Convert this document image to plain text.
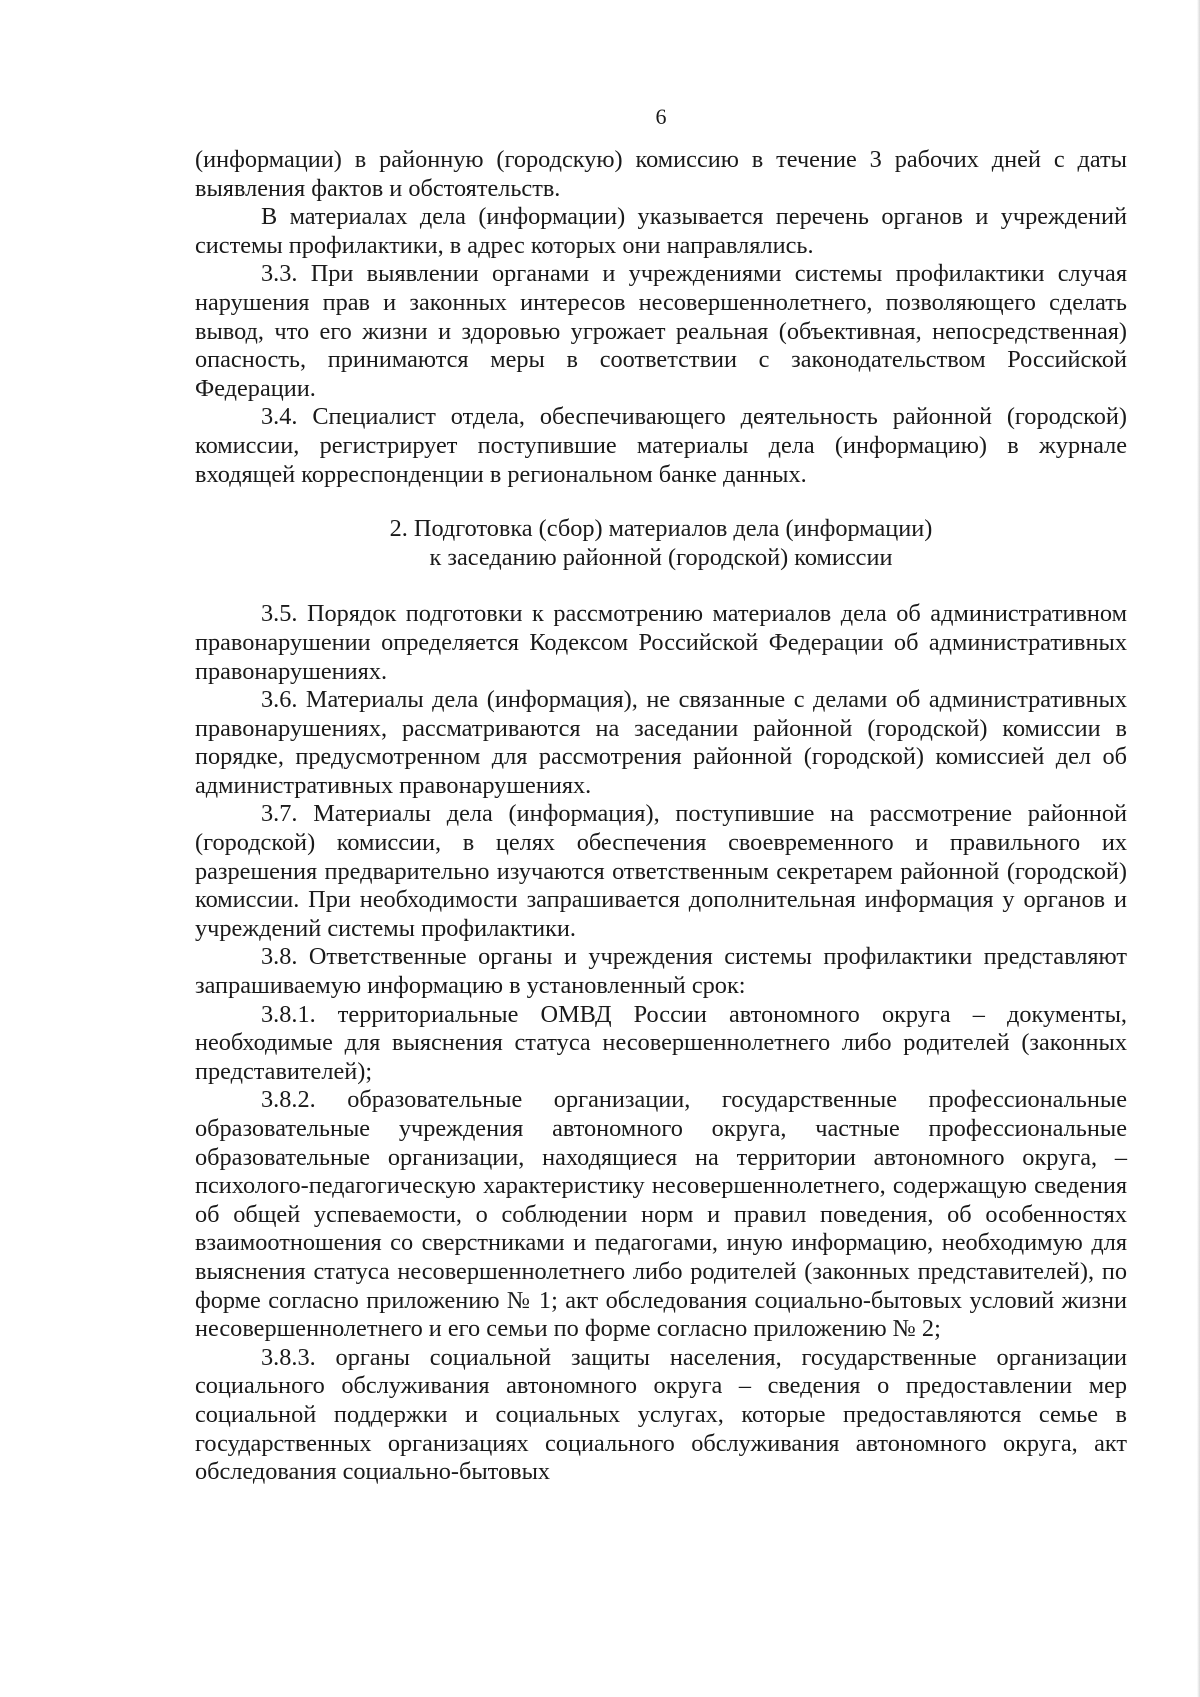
6

(информации) в районную (городскую) комиссию в течение 3 рабочих дней с даты выявления фактов и обстоятельств.

В материалах дела (информации) указывается перечень органов и учреждений системы профилактики, в адрес которых они направлялись.

3.3. При выявлении органами и учреждениями системы профилактики случая нарушения прав и законных интересов несовершеннолетнего, позволяющего сделать вывод, что его жизни и здоровью угрожает реальная (объективная, непосредственная) опасность, принимаются меры в соответствии с законодательством Российской Федерации.

3.4. Специалист отдела, обеспечивающего деятельность районной (городской) комиссии, регистрирует поступившие материалы дела (информацию) в журнале входящей корреспонденции в региональном банке данных.

2. Подготовка (сбор) материалов дела (информации)
к заседанию районной (городской) комиссии

3.5. Порядок подготовки к рассмотрению материалов дела об административном правонарушении определяется Кодексом Российской Федерации об административных правонарушениях.

3.6. Материалы дела (информация), не связанные с делами об административных правонарушениях, рассматриваются на заседании районной (городской) комиссии в порядке, предусмотренном для рассмотрения районной (городской) комиссией дел об административных правонарушениях.

3.7. Материалы дела (информация), поступившие на рассмотрение районной (городской) комиссии, в целях обеспечения своевременного и правильного их разрешения предварительно изучаются ответственным секретарем районной (городской) комиссии. При необходимости запрашивается дополнительная информация у органов и учреждений системы профилактики.

3.8. Ответственные органы и учреждения системы профилактики представляют запрашиваемую информацию в установленный срок:

3.8.1. территориальные ОМВД России автономного округа – документы, необходимые для выяснения статуса несовершеннолетнего либо родителей (законных представителей);

3.8.2. образовательные организации, государственные профессиональные образовательные учреждения автономного округа, частные профессиональные образовательные организации, находящиеся на территории автономного округа, – психолого-педагогическую характеристику несовершеннолетнего, содержащую сведения об общей успеваемости, о соблюдении норм и правил поведения, об особенностях взаимоотношения со сверстниками и педагогами, иную информацию, необходимую для выяснения статуса несовершеннолетнего либо родителей (законных представителей), по форме согласно приложению № 1; акт обследования социально-бытовых условий жизни несовершеннолетнего и его семьи по форме согласно приложению № 2;

3.8.3. органы социальной защиты населения, государственные организации социального обслуживания автономного округа – сведения о предоставлении мер социальной поддержки и социальных услугах, которые предоставляются семье в государственных организациях социального обслуживания автономного округа, акт обследования социально-бытовых
